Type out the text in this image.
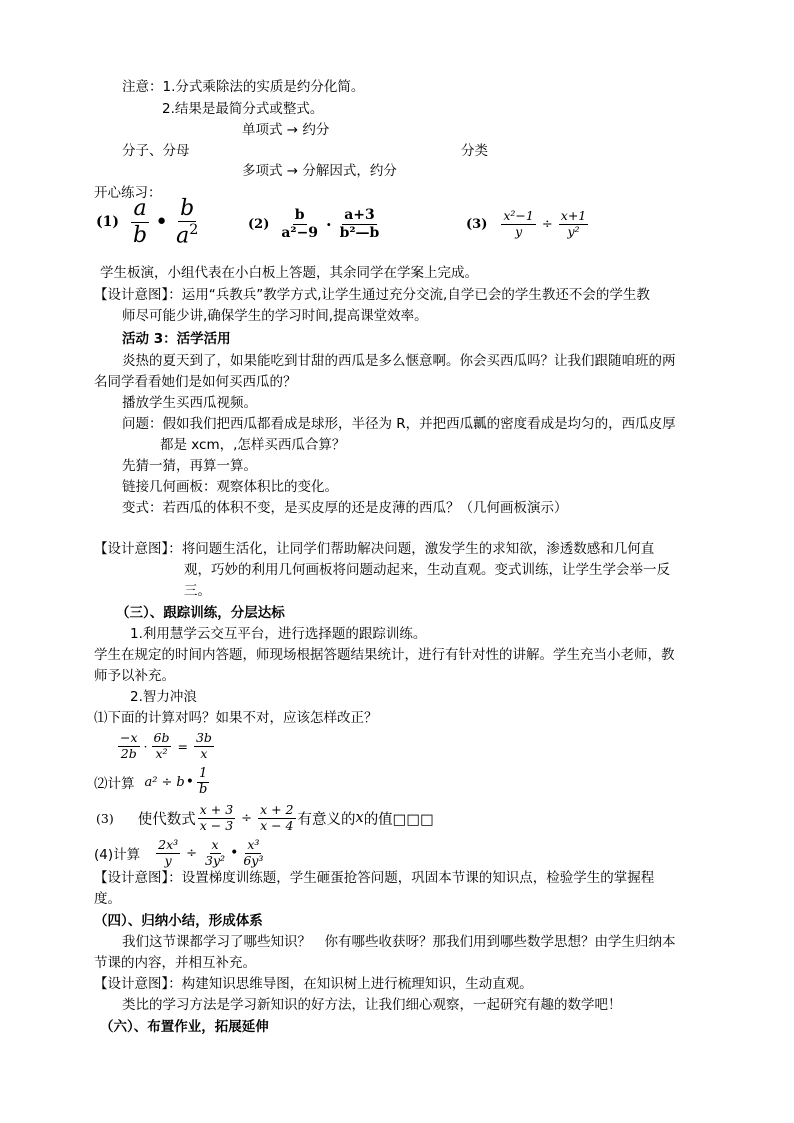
注意：1.分式乘除法的实质是约分化简。
2.结果是最简分式或整式。
单项式 → 约分
分子、分母	分类
多项式 → 分解因式，约分
开心练习：
$(1) \frac{a}{b}$ • $\frac{b}{a^2}$	$(2) \frac{b}{\text{a²−9}} \cdot \frac{a+3}{\text{b²—b}}$	$(3) \frac{\text{x²−1}}{y} \div \frac{x+1}{\text{y²}}$
学生板演，小组代表在小白板上答题，其余同学在学案上完成。
【设计意图】：运用“兵教兵”教学方式,让学生通过充分交流,自学已会的学生教还不会的学生教
师尽可能少讲,确保学生的学习时间,提高课堂效率。
活动 3：活学活用
炎热的夏天到了，如果能吃到甘甜的西瓜是多么惬意啊。你会买西瓜吗？让我们跟随咱班的两
名同学看看她们是如何买西瓜的？
播放学生买西瓜视频。
问题：假如我们把西瓜都看成是球形，半径为 R，并把西瓜瓤的密度看成是均匀的，西瓜皮厚
都是 xcm，,怎样买西瓜合算？
先猜一猜，再算一算。
链接几何画板：观察体积比的变化。
变式：若西瓜的体积不变，是买皮厚的还是皮薄的西瓜？（几何画板演示）
【设计意图】：将问题生活化，让同学们帮助解决问题，激发学生的求知欲，渗透数感和几何直
观，巧妙的利用几何画板将问题动起来，生动直观。变式训练，让学生学会举一反
三。
（三）、跟踪训练，分层达标
1.利用慧学云交互平台，进行选择题的跟踪训练。
学生在规定的时间内答题，师现场根据答题结果统计，进行有针对性的讲解。学生充当小老师，教
师予以补充。
2.智力冲浪
⑴下面的计算对吗？如果不对，应该怎样改正？
$\frac{-x}{2b} \cdot \frac{6b}{\text{x²}} = \frac{3b}{x}$
⑵计算 a² ÷ b • $\frac{1}{b}$
(3) 使代数式 $\frac{x + 3}{x - 3} \div \frac{x + 2}{x - 4}$ 有意义的 x 的值□□□
(4)计算 $\frac{\text{2x³}}{y} \div \frac{x}{\text{3y²}}$ • $\frac{\text{x³}}{\text{6y³}}$
【设计意图】：设置梯度训练题，学生砸蛋抢答问题，巩固本节课的知识点，检验学生的掌握程
度。
（四）、归纳小结，形成体系
我们这节课都学习了哪些知识？　你有哪些收获呀？那我们用到哪些数学思想？由学生归纳本
节课的内容，并相互补充。
【设计意图】：构建知识思维导图，在知识树上进行梳理知识，生动直观。
类比的学习方法是学习新知识的好方法，让我们细心观察，一起研究有趣的数学吧！
（六）、布置作业，拓展延伸
